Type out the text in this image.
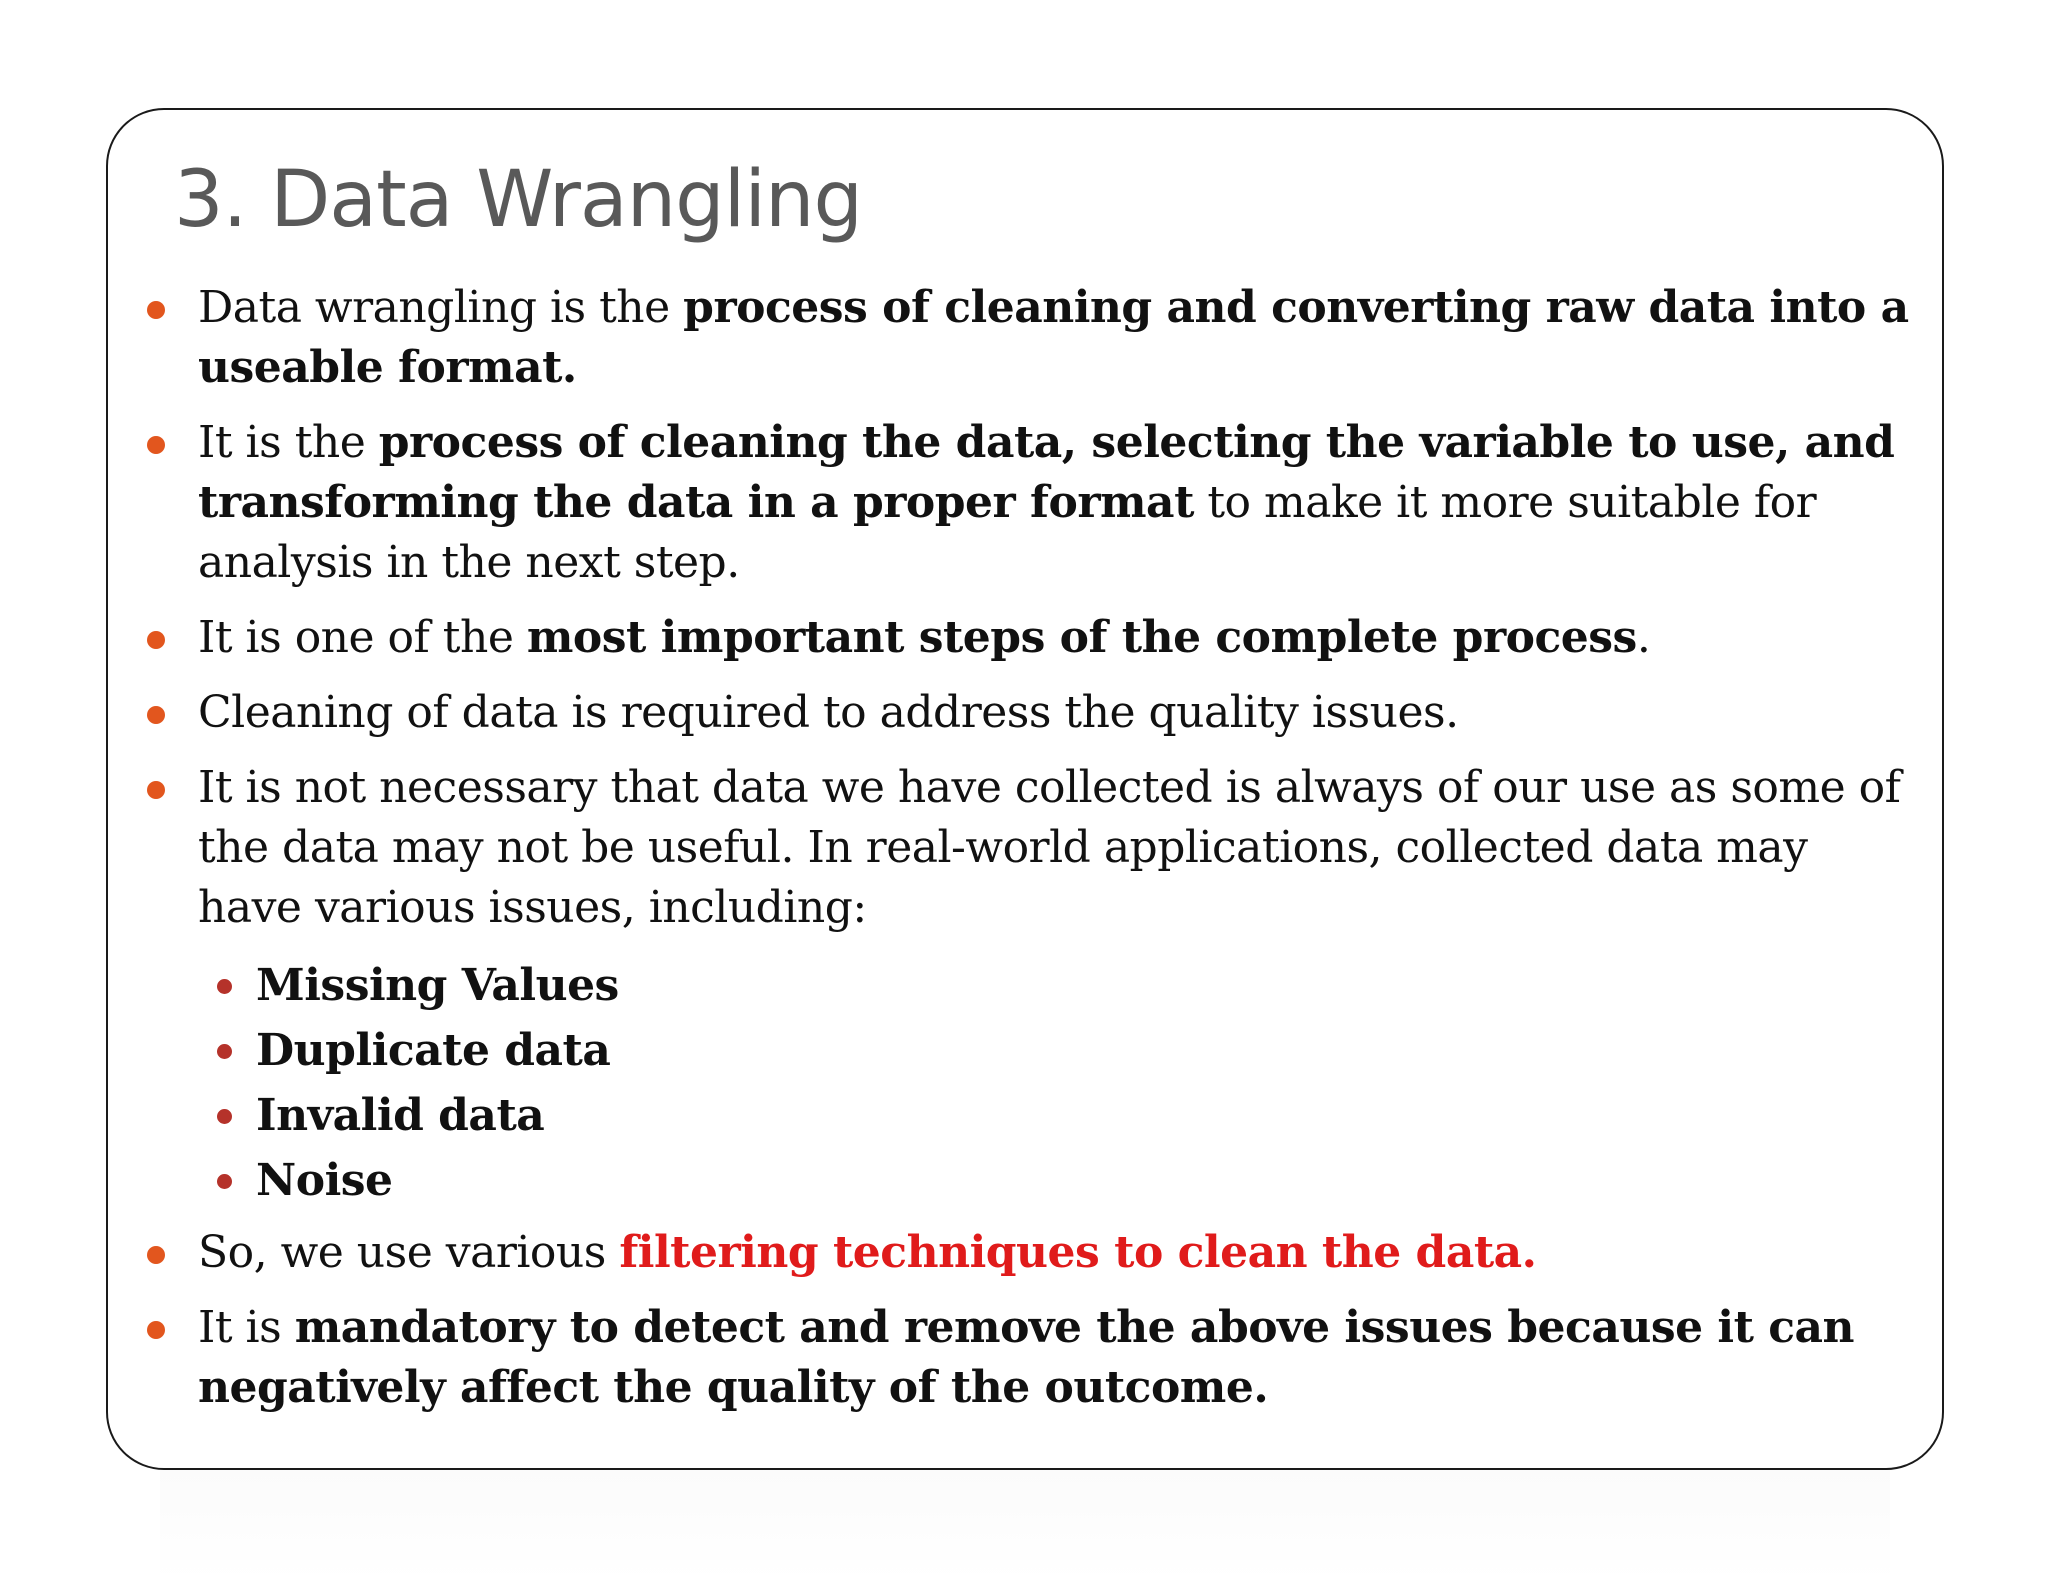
3. Data Wrangling
Data wrangling is the process of cleaning and converting raw data into a useable format.
It is the process of cleaning the data, selecting the variable to use, and transforming the data in a proper format to make it more suitable for analysis in the next step.
It is one of the most important steps of the complete process.
Cleaning of data is required to address the quality issues.
It is not necessary that data we have collected is always of our use as some of the data may not be useful. In real-world applications, collected data may have various issues, including:
Missing Values
Duplicate data
Invalid data
Noise
So, we use various filtering techniques to clean the data.
It is mandatory to detect and remove the above issues because it can negatively affect the quality of the outcome.
